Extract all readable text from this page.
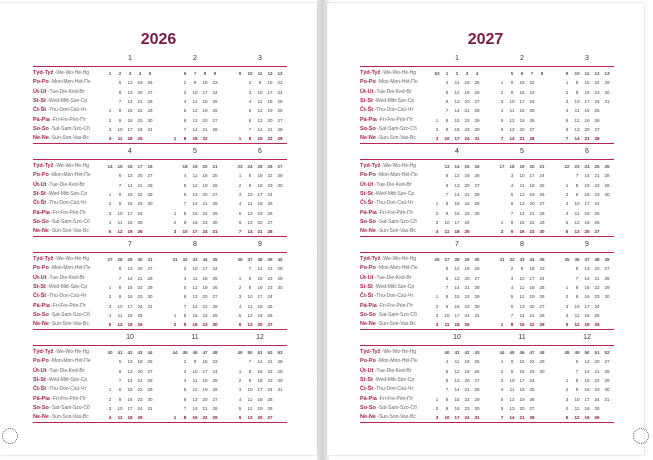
2026
Týd-Tyž -We-Wo-Hé-Hg
Po-Po -Mon-Mon-Hét-Пн
Út-Ut -Tue-Die-Ked-Вт
St-St -Wed-Mitt-Sze-Ср
Čt-Št -Thu-Don-Csü-Чт
Pá-Pia -Fri-Fre-Pén-Пт
So-So -Sat-Sam-Szo-Сб
Ne-Ne -Sun-Son-Vas-Вс
1
1 2 3 4 5
5 12 19 26
6 13 20 27
7 14 21 28
1 8 15 22 29
2 9 16 23 30
3 10 17 24 31
4 11 18 25
2
6 7 8 9
2 9 16 23
3 10 17 24
4 11 18 25
5 12 19 26
6 13 20 27
7 14 21 28
1 8 15 22
3
9 10 11 12 13
2 9 16 23
3 10 17 24
4 11 18 25
5 12 19 26
6 13 20 27
7 14 21 28
1 8 15 22 29
Týd-Tyž -We-Wo-Hé-Hg
Po-Po -Mon-Mon-Hét-Пн
Út-Ut -Tue-Die-Ked-Вт
St-St -Wed-Mitt-Sze-Ср
Čt-Št -Thu-Don-Csü-Чт
Pá-Pia -Fri-Fre-Pén-Пт
So-So -Sat-Sam-Szo-Сб
Ne-Ne -Sun-Son-Vas-Вс
4
14 15 16 17 18
6 13 20 27
7 14 21 28
1 8 15 22 29
2 9 16 23 30
3 10 17 24
4 11 18 25
5 12 19 26
5
18 19 20 21
4 11 18 25
5 12 19 26
6 13 20 27
7 14 21 28
1 8 15 22 29
2 9 16 23 30
3 10 17 24 31
6
23 24 25 26 27
1 8 15 22 29
2 9 16 23 30
3 10 17 24
4 11 18 25
5 12 19 26
6 13 20 27
7 14 21 28
Týd-Tyž -We-Wo-Hé-Hg
Po-Po -Mon-Mon-Hét-Пн
Út-Ut -Tue-Die-Ked-Вт
St-St -Wed-Mitt-Sze-Ср
Čt-Št -Thu-Don-Csü-Чт
Pá-Pia -Fri-Fre-Pén-Пт
So-So -Sat-Sam-Szo-Сб
Ne-Ne -Sun-Son-Vas-Вс
7
27 28 29 30 31
6 13 20 27
7 14 21 28
1 8 15 22 29
2 9 16 23 30
3 10 17 24 31
4 11 18 25
5 12 19 26
8
31 32 33 34 35
3 10 17 24
4 11 18 25
5 12 19 26
6 13 20 27
7 14 21 28
1 8 15 22 29
2 9 16 23 30
9
36 37 38 39 40
7 14 21 28
1 8 15 22 29
2 9 16 23 30
3 10 17 24
4 11 18 25
5 12 19 26
6 13 20 27
Týd-Tyž -We-Wo-Hé-Hg
Po-Po -Mon-Mon-Hét-Пн
Út-Ut -Tue-Die-Ked-Вт
St-St -Wed-Mitt-Sze-Ср
Čt-Št -Thu-Don-Csü-Чт
Pá-Pia -Fri-Fre-Pén-Пт
So-So -Sat-Sam-Szo-Сб
Ne-Ne -Sun-Son-Vas-Вс
10
40 41 42 43 44
5 12 19 26
6 13 20 27
7 14 21 28
1 8 15 22 29
2 9 16 23 30
3 10 17 24 31
4 11 18 25
11
44 45 46 47 48
2 9 16 23
3 10 17 24
4 11 18 25
5 12 19 26
6 13 20 27
7 14 21 28
1 8 15 22 29
12
49 50 51 52 53
7 14 21 28
1 8 15 22 29
2 9 16 23 30
3 10 17 24 31
4 11 18 25
5 12 19 26
6 13 20 27
2027
Týd-Tyž -We-Wo-Hé-Hg
Po-Po -Mon-Mon-Hét-Пн
Út-Ut -Tue-Die-Ked-Вт
St-St -Wed-Mitt-Sze-Ср
Čt-Št -Thu-Don-Csü-Чт
Pá-Pia -Fri-Fre-Pén-Пт
So-So -Sat-Sam-Szo-Сб
Ne-Ne -Sun-Son-Vas-Вс
1
53 1 2 3 4
4 11 18 25
5 12 19 26
6 13 20 27
7 14 21 28
1 8 15 22 29
2 9 16 23 30
3 10 17 24 31
2
5 6 7 8
1 8 15 22
2 9 16 23
3 10 17 24
4 11 18 25
5 12 19 26
6 13 20 27
7 14 21 28
3
9 10 11 12 13
1 8 15 22 29
2 9 16 23 30
3 10 17 24 31
4 11 18 25
5 12 19 26
6 13 20 27
7 14 21 28
Týd-Tyž -We-Wo-Hé-Hg
Po-Po -Mon-Mon-Hét-Пн
Út-Ut -Tue-Die-Ked-Вт
St-St -Wed-Mitt-Sze-Ср
Čt-Št -Thu-Don-Csü-Чт
Pá-Pia -Fri-Fre-Pén-Пт
So-So -Sat-Sam-Szo-Сб
Ne-Ne -Sun-Son-Vas-Вс
4
13 14 15 16
5 12 19 26
6 13 20 27
7 14 21 28
1 8 15 22 29
2 9 16 23 30
3 10 17 24
4 11 18 25
5
17 18 19 20 21
3 10 17 24
4 11 18 25
5 12 19 26
6 13 20 27
7 14 21 28
1 8 15 22 29
2 9 16 23 30
6
22 23 24 25 26
7 14 21 28
1 8 15 22 29
2 9 16 23 30
3 10 17 24
4 11 18 25
5 12 19 26
6 13 20 27
Týd-Tyž -We-Wo-Hé-Hg
Po-Po -Mon-Mon-Hét-Пн
Út-Ut -Tue-Die-Ked-Вт
St-St -Wed-Mitt-Sze-Ср
Čt-Št -Thu-Don-Csü-Чт
Pá-Pia -Fri-Fre-Pén-Пт
So-So -Sat-Sam-Szo-Сб
Ne-Ne -Sun-Son-Vas-Вс
7
26 27 28 29 30
5 12 19 26
6 13 20 27
7 14 21 28
1 8 15 22 29
2 9 16 23 30
3 10 17 24 31
4 11 18 25
8
31 32 33 34 35
2 9 16 23
3 10 17 24
4 11 18 25
5 12 19 26
6 13 20 27
7 14 21 28
1 8 15 22 29
9
35 36 37 38 39
6 13 20 27
7 14 21 28
1 8 15 22 29
2 9 16 23 30
3 10 17 24
4 11 18 25
5 12 19 26
Týd-Tyž -We-Wo-Hé-Hg
Po-Po -Mon-Mon-Hét-Пн
Út-Ut -Tue-Die-Ked-Вт
St-St -Wed-Mitt-Sze-Ср
Čt-Št -Thu-Don-Csü-Чт
Pá-Pia -Fri-Fre-Pén-Пт
So-So -Sat-Sam-Szo-Сб
Ne-Ne -Sun-Son-Vas-Вс
10
40 41 42 43
4 11 18 25
5 12 19 26
6 13 20 27
7 14 21 28
1 8 15 22 29
2 9 16 23 30
3 10 17 24 31
11
44 45 46 47 48
1 8 15 22 29
2 9 16 23 30
3 10 17 24
4 11 18 25
5 12 19 26
6 13 20 27
7 14 21 28
12
48 49 50 51 52
6 13 20 27
7 14 21 28
1 8 15 22 29
2 9 16 23 30
3 10 17 24 31
4 11 18 25
5 12 19 26
